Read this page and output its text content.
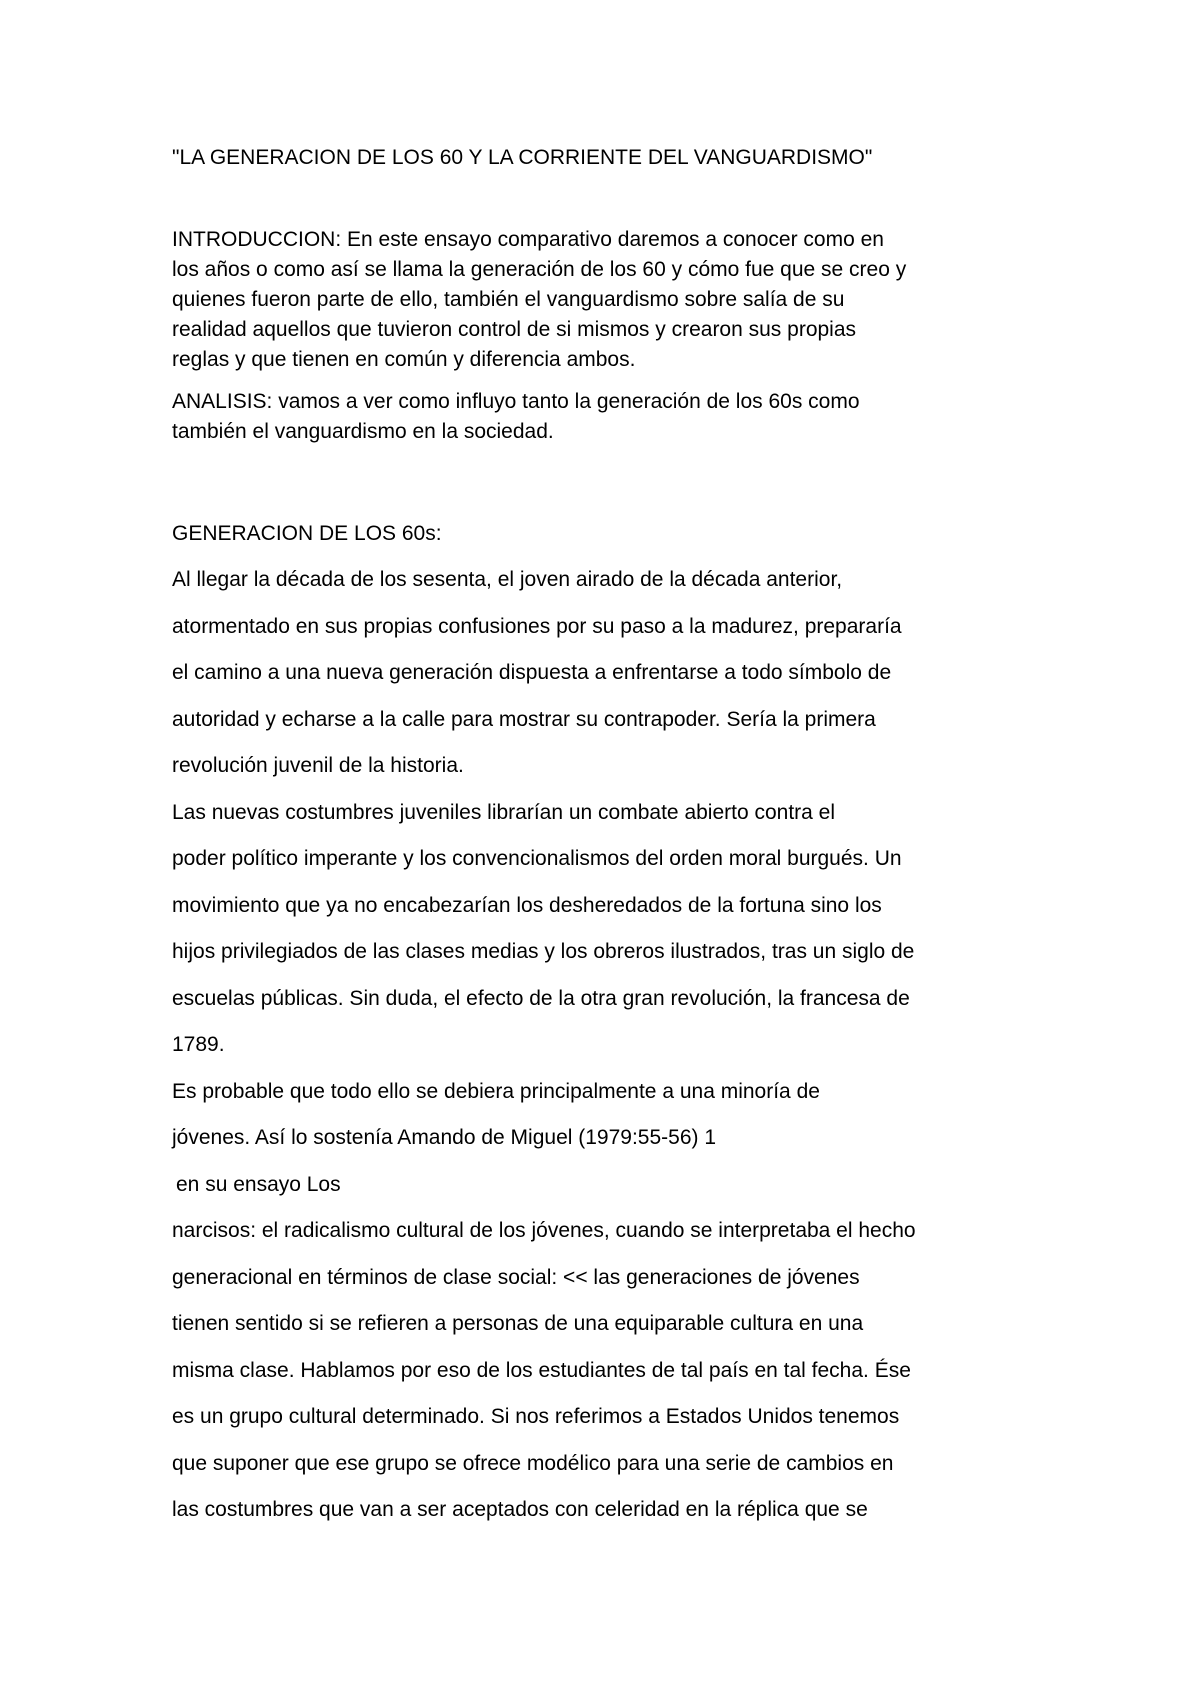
"LA GENERACION DE LOS 60 Y LA CORRIENTE DEL VANGUARDISMO"

INTRODUCCION: En este ensayo comparativo daremos a conocer como en
los años o como así se llama la generación de los 60 y cómo fue que se creo y
quienes fueron parte de ello, también el vanguardismo sobre salía de su
realidad aquellos que tuvieron control de si mismos y crearon sus propias
reglas y que tienen en común y diferencia ambos.

ANALISIS: vamos a ver como influyo tanto la generación de los 60s como
también el vanguardismo en la sociedad.

GENERACION DE LOS 60s:

Al llegar la década de los sesenta, el joven airado de la década anterior,

atormentado en sus propias confusiones por su paso a la madurez, prepararía

el camino a una nueva generación dispuesta a enfrentarse a todo símbolo de

autoridad y echarse a la calle para mostrar su contrapoder. Sería la primera

revolución juvenil de la historia.

Las nuevas costumbres juveniles librarían un combate abierto contra el

poder político imperante y los convencionalismos del orden moral burgués. Un

movimiento que ya no encabezarían los desheredados de la fortuna sino los

hijos privilegiados de las clases medias y los obreros ilustrados, tras un siglo de

escuelas públicas. Sin duda, el efecto de la otra gran revolución, la francesa de

1789.

Es probable que todo ello se debiera principalmente a una minoría de

jóvenes. Así lo sostenía Amando de Miguel (1979:55-56) 1

en su ensayo Los

narcisos: el radicalismo cultural de los jóvenes, cuando se interpretaba el hecho

generacional en términos de clase social: << las generaciones de jóvenes

tienen sentido si se refieren a personas de una equiparable cultura en una

misma clase. Hablamos por eso de los estudiantes de tal país en tal fecha. Ése

es un grupo cultural determinado. Si nos referimos a Estados Unidos tenemos

que suponer que ese grupo se ofrece modélico para una serie de cambios en

las costumbres que van a ser aceptados con celeridad en la réplica que se
